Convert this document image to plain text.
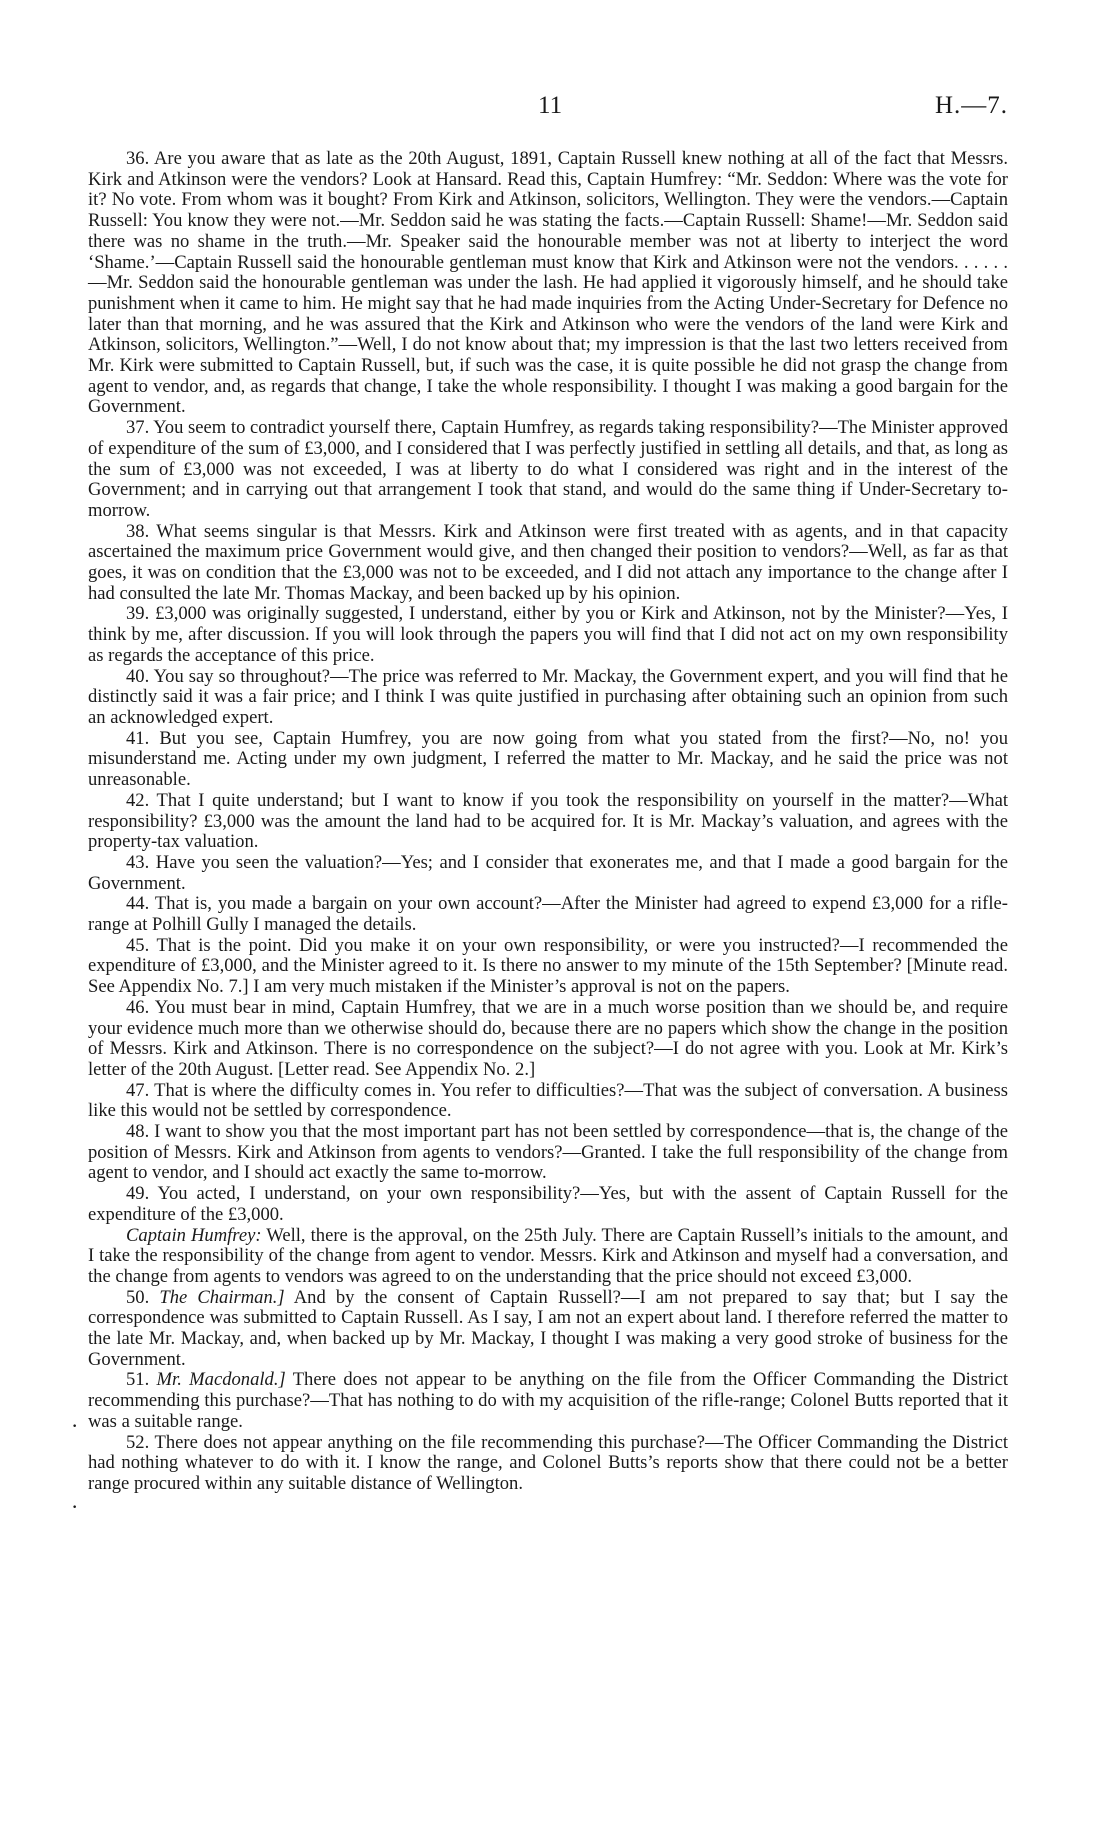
11	H.—7.
·
·

36. Are you aware that as late as the 20th August, 1891, Captain Russell knew nothing at all of the fact that Messrs. Kirk and Atkinson were the vendors? Look at Hansard. Read this, Captain Humfrey: “Mr. Seddon: Where was the vote for it? No vote. From whom was it bought? From Kirk and Atkinson, solicitors, Wellington. They were the vendors.—Captain Russell: You know they were not.—Mr. Seddon said he was stating the facts.—Captain Russell: Shame!—Mr. Seddon said there was no shame in the truth.—Mr. Speaker said the honourable member was not at liberty to interject the word ‘Shame.’—Captain Russell said the honourable gentleman must know that Kirk and Atkinson were not the vendors. . . . . .—Mr. Seddon said the honourable gentleman was under the lash. He had applied it vigorously himself, and he should take punishment when it came to him. He might say that he had made inquiries from the Acting Under-Secretary for Defence no later than that morning, and he was assured that the Kirk and Atkinson who were the vendors of the land were Kirk and Atkinson, solicitors, Wellington.”—Well, I do not know about that; my impression is that the last two letters received from Mr. Kirk were submitted to Captain Russell, but, if such was the case, it is quite possible he did not grasp the change from agent to vendor, and, as regards that change, I take the whole responsibility. I thought I was making a good bargain for the Government.

37. You seem to contradict yourself there, Captain Humfrey, as regards taking responsibility?—The Minister approved of expenditure of the sum of £3,000, and I considered that I was perfectly justified in settling all details, and that, as long as the sum of £3,000 was not exceeded, I was at liberty to do what I considered was right and in the interest of the Government; and in carrying out that arrangement I took that stand, and would do the same thing if Under-Secretary to-morrow.

38. What seems singular is that Messrs. Kirk and Atkinson were first treated with as agents, and in that capacity ascertained the maximum price Government would give, and then changed their position to vendors?—Well, as far as that goes, it was on condition that the £3,000 was not to be exceeded, and I did not attach any importance to the change after I had consulted the late Mr. Thomas Mackay, and been backed up by his opinion.

39. £3,000 was originally suggested, I understand, either by you or Kirk and Atkinson, not by the Minister?—Yes, I think by me, after discussion. If you will look through the papers you will find that I did not act on my own responsibility as regards the acceptance of this price.

40. You say so throughout?—The price was referred to Mr. Mackay, the Government expert, and you will find that he distinctly said it was a fair price; and I think I was quite justified in purchasing after obtaining such an opinion from such an acknowledged expert.

41. But you see, Captain Humfrey, you are now going from what you stated from the first?—No, no! you misunderstand me. Acting under my own judgment, I referred the matter to Mr. Mackay, and he said the price was not unreasonable.

42. That I quite understand; but I want to know if you took the responsibility on yourself in the matter?—What responsibility? £3,000 was the amount the land had to be acquired for. It is Mr. Mackay’s valuation, and agrees with the property-tax valuation.

43. Have you seen the valuation?—Yes; and I consider that exonerates me, and that I made a good bargain for the Government.

44. That is, you made a bargain on your own account?—After the Minister had agreed to expend £3,000 for a rifle-range at Polhill Gully I managed the details.

45. That is the point. Did you make it on your own responsibility, or were you instructed?—I recommended the expenditure of £3,000, and the Minister agreed to it. Is there no answer to my minute of the 15th September? [Minute read. See Appendix No. 7.] I am very much mistaken if the Minister’s approval is not on the papers.

46. You must bear in mind, Captain Humfrey, that we are in a much worse position than we should be, and require your evidence much more than we otherwise should do, because there are no papers which show the change in the position of Messrs. Kirk and Atkinson. There is no correspondence on the subject?—I do not agree with you. Look at Mr. Kirk’s letter of the 20th August. [Letter read. See Appendix No. 2.]

47. That is where the difficulty comes in. You refer to difficulties?—That was the subject of conversation. A business like this would not be settled by correspondence.

48. I want to show you that the most important part has not been settled by correspondence—that is, the change of the position of Messrs. Kirk and Atkinson from agents to vendors?—Granted. I take the full responsibility of the change from agent to vendor, and I should act exactly the same to-morrow.

49. You acted, I understand, on your own responsibility?—Yes, but with the assent of Captain Russell for the expenditure of the £3,000.

Captain Humfrey: Well, there is the approval, on the 25th July. There are Captain Russell’s initials to the amount, and I take the responsibility of the change from agent to vendor. Messrs. Kirk and Atkinson and myself had a conversation, and the change from agents to vendors was agreed to on the understanding that the price should not exceed £3,000.

50. The Chairman.] And by the consent of Captain Russell?—I am not prepared to say that; but I say the correspondence was submitted to Captain Russell. As I say, I am not an expert about land. I therefore referred the matter to the late Mr. Mackay, and, when backed up by Mr. Mackay, I thought I was making a very good stroke of business for the Government.

51. Mr. Macdonald.] There does not appear to be anything on the file from the Officer Commanding the District recommending this purchase?—That has nothing to do with my acquisition of the rifle-range; Colonel Butts reported that it was a suitable range.

52. There does not appear anything on the file recommending this purchase?—The Officer Commanding the District had nothing whatever to do with it. I know the range, and Colonel Butts’s reports show that there could not be a better range procured within any suitable distance of Wellington.
